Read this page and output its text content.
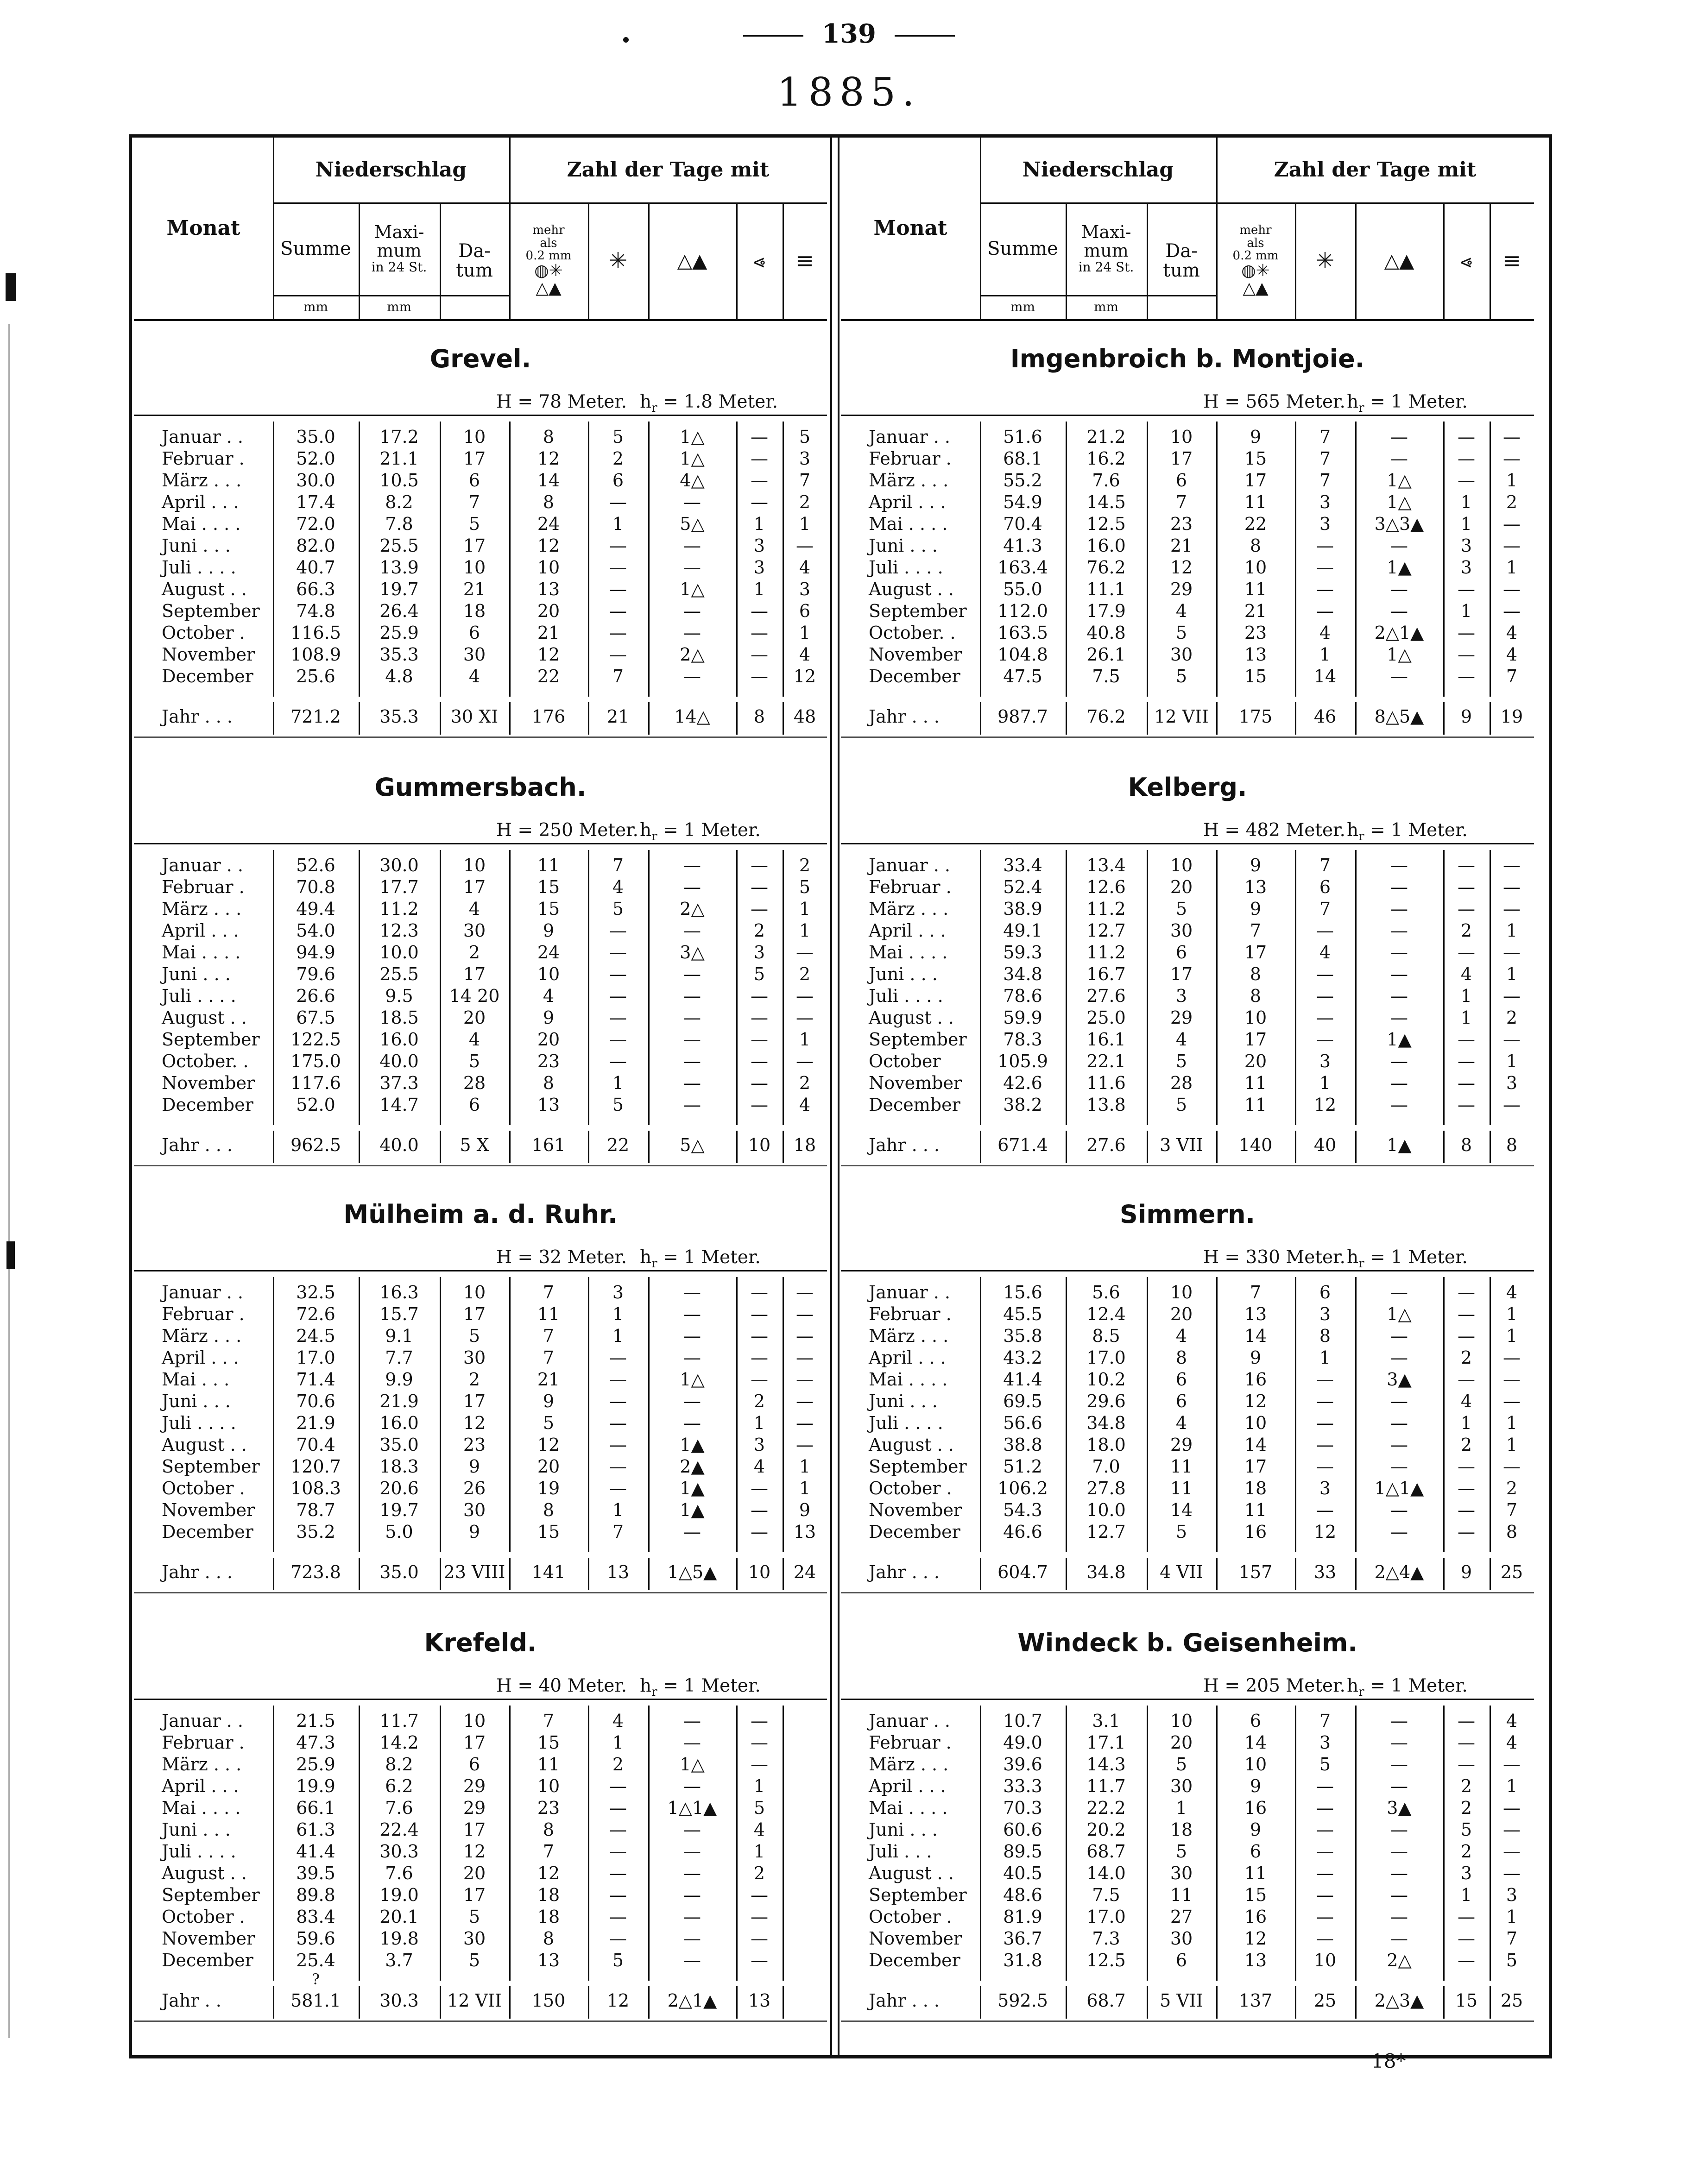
139
1885.
Monat
Niederschlag	Zahl der Tage mit
Summe
mm
Maxi-
mum
in 24 St.
mm
Da-
tum
mehr
als
0.2 mm
◍✳
△▲
✳	△▲	⩹	≡
Grevel.
H = 78 Meter. $h_r = 1.8$ Meter.
Januar . .	35.0	17.2	10	8	5	1△	—	5
Februar .	52.0	21.1	17	12	2	1△	—	3
März . . .	30.0	10.5	6	14	6	4△	—	7
April . . .	17.4	8.2	7	8	—	—	—	2
Mai . . . .	72.0	7.8	5	24	1	5△	1	1
Juni . . .	82.0	25.5	17	12	—	—	3	—
Juli . . . .	40.7	13.9	10	10	—	—	3	4
August . .	66.3	19.7	21	13	—	1△	1	3
September	74.8	26.4	18	20	—	—	—	6
October .	116.5	25.9	6	21	—	—	—	1
November	108.9	35.3	30	12	—	2△	—	4
December	25.6	4.8	4	22	7	—	—	12
Jahr . . .	721.2	35.3	30 XI	176	21	14△	8	48
Gummersbach.
H = 250 Meter. $h_r = 1$ Meter.
Januar . .	52.6	30.0	10	11	7	—	—	2
Februar .	70.8	17.7	17	15	4	—	—	5
März . . .	49.4	11.2	4	15	5	2△	—	1
April . . .	54.0	12.3	30	9	—	—	2	1
Mai . . . .	94.9	10.0	2	24	—	3△	3	—
Juni . . .	79.6	25.5	17	10	—	—	5	2
Juli . . . .	26.6	9.5	14 20	4	—	—	—	—
August . .	67.5	18.5	20	9	—	—	—	—
September	122.5	16.0	4	20	—	—	—	1
October. .	175.0	40.0	5	23	—	—	—	—
November	117.6	37.3	28	8	1	—	—	2
December	52.0	14.7	6	13	5	—	—	4
Jahr . . .	962.5	40.0	5 X	161	22	5△	10	18
Mülheim a. d. Ruhr.
H = 32 Meter. $h_r = 1$ Meter.
Januar . .	32.5	16.3	10	7	3	—	—	—
Februar .	72.6	15.7	17	11	1	—	—	—
März . . .	24.5	9.1	5	7	1	—	—	—
April . . .	17.0	7.7	30	7	—	—	—	—
Mai . . .	71.4	9.9	2	21	—	1△	—	—
Juni . . .	70.6	21.9	17	9	—	—	2	—
Juli . . . .	21.9	16.0	12	5	—	—	1	—
August . .	70.4	35.0	23	12	—	1▲	3	—
September	120.7	18.3	9	20	—	2▲	4	1
October .	108.3	20.6	26	19	—	1▲	—	1
November	78.7	19.7	30	8	1	1▲	—	9
December	35.2	5.0	9	15	7	—	—	13
Jahr . . .	723.8	35.0	23 VIII	141	13	1△5▲	10	24
Krefeld.
H = 40 Meter. $h_r = 1$ Meter.
Januar . .	21.5	11.7	10	7	4	—	—
Februar .	47.3	14.2	17	15	1	—	—
März . . .	25.9	8.2	6	11	2	1△	—
April . . .	19.9	6.2	29	10	—	—	1
Mai . . . .	66.1	7.6	29	23	—	1△1▲	5
Juni . . .	61.3	22.4	17	8	—	—	4
Juli . . . .	41.4	30.3	12	7	—	—	1
August . .	39.5	7.6	20	12	—	—	2
September	89.8	19.0	17	18	—	—	—
October .	83.4	20.1	5	18	—	—	—
November	59.6	19.8	30	8	—	—	—
December	25.4	3.7	5	13	5	—	—
?
Jahr . .	581.1	30.3	12 VII	150	12	2△1▲	13
Monat
Niederschlag	Zahl der Tage mit
Summe
mm
Maxi-
mum
in 24 St.
mm
Da-
tum
mehr
als
0.2 mm
◍✳
△▲
✳	△▲	⩹	≡
Imgenbroich b. Montjoie.
H = 565 Meter. $h_r = 1$ Meter.
Januar . .	51.6	21.2	10	9	7	—	—	—
Februar .	68.1	16.2	17	15	7	—	—	—
März . . .	55.2	7.6	6	17	7	1△	—	1
April . . .	54.9	14.5	7	11	3	1△	1	2
Mai . . . .	70.4	12.5	23	22	3	3△3▲	1	—
Juni . . .	41.3	16.0	21	8	—	—	3	—
Juli . . . .	163.4	76.2	12	10	—	1▲	3	1
August . .	55.0	11.1	29	11	—	—	—	—
September	112.0	17.9	4	21	—	—	1	—
October. .	163.5	40.8	5	23	4	2△1▲	—	4
November	104.8	26.1	30	13	1	1△	—	4
December	47.5	7.5	5	15	14	—	—	7
Jahr . . .	987.7	76.2	12 VII	175	46	8△5▲	9	19
Kelberg.
H = 482 Meter. $h_r = 1$ Meter.
Januar . .	33.4	13.4	10	9	7	—	—	—
Februar .	52.4	12.6	20	13	6	—	—	—
März . . .	38.9	11.2	5	9	7	—	—	—
April . . .	49.1	12.7	30	7	—	—	2	1
Mai . . . .	59.3	11.2	6	17	4	—	—	—
Juni . . .	34.8	16.7	17	8	—	—	4	1
Juli . . . .	78.6	27.6	3	8	—	—	1	—
August . .	59.9	25.0	29	10	—	—	1	2
September	78.3	16.1	4	17	—	1▲	—	—
October	105.9	22.1	5	20	3	—	—	1
November	42.6	11.6	28	11	1	—	—	3
December	38.2	13.8	5	11	12	—	—	—
Jahr . . .	671.4	27.6	3 VII	140	40	1▲	8	8
Simmern.
H = 330 Meter. $h_r = 1$ Meter.
Januar . .	15.6	5.6	10	7	6	—	—	4
Februar .	45.5	12.4	20	13	3	1△	—	1
März . . .	35.8	8.5	4	14	8	—	—	1
April . . .	43.2	17.0	8	9	1	—	2	—
Mai . . . .	41.4	10.2	6	16	—	3▲	—	—
Juni . . .	69.5	29.6	6	12	—	—	4	—
Juli . . . .	56.6	34.8	4	10	—	—	1	1
August . .	38.8	18.0	29	14	—	—	2	1
September	51.2	7.0	11	17	—	—	—	—
October .	106.2	27.8	11	18	3	1△1▲	—	2
November	54.3	10.0	14	11	—	—	—	7
December	46.6	12.7	5	16	12	—	—	8
Jahr . . .	604.7	34.8	4 VII	157	33	2△4▲	9	25
Windeck b. Geisenheim.
H = 205 Meter. $h_r = 1$ Meter.
Januar . .	10.7	3.1	10	6	7	—	—	4
Februar .	49.0	17.1	20	14	3	—	—	4
März . . .	39.6	14.3	5	10	5	—	—	—
April . . .	33.3	11.7	30	9	—	—	2	1
Mai . . . .	70.3	22.2	1	16	—	3▲	2	—
Juni . . .	60.6	20.2	18	9	—	—	5	—
Juli . . .	89.5	68.7	5	6	—	—	2	—
August . .	40.5	14.0	30	11	—	—	3	—
September	48.6	7.5	11	15	—	—	1	3
October .	81.9	17.0	27	16	—	—	—	1
November	36.7	7.3	30	12	—	—	—	7
December	31.8	12.5	6	13	10	2△	—	5
Jahr . . .	592.5	68.7	5 VII	137	25	2△3▲	15	25
18*
